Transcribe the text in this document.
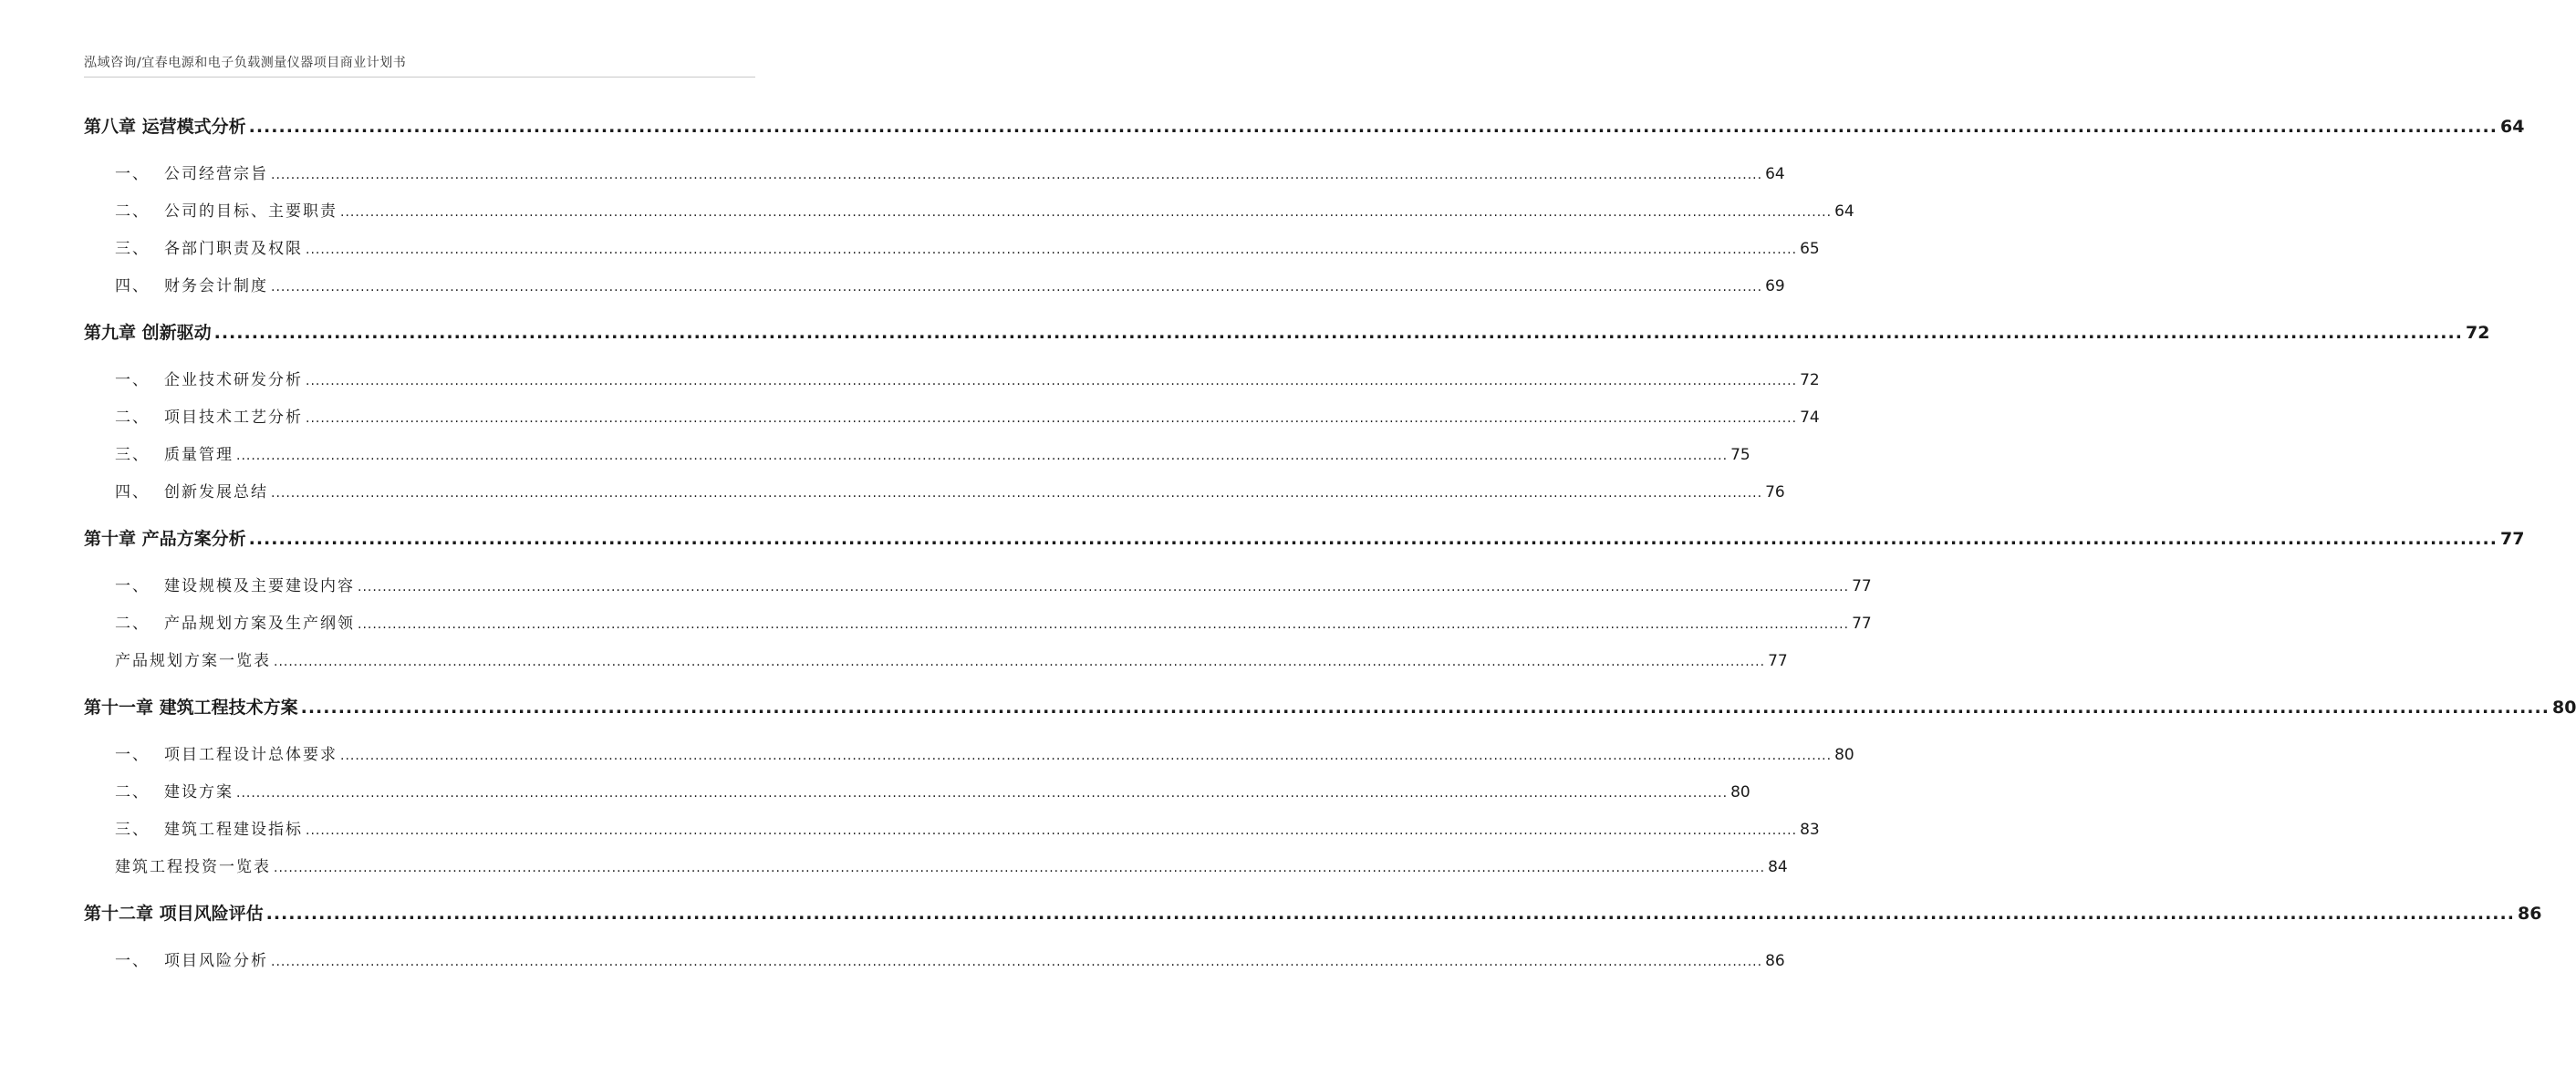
泓域咨询/宜春电源和电子负载测量仪器项目商业计划书
第八章 运营模式分析 ............................................................................................................................................................................................................................................................................................................ 64
一、 公司经营宗旨 ............................................................................................................................................................................................................................................................................................................ 64
二、 公司的目标、主要职责 ............................................................................................................................................................................................................................................................................................................ 64
三、 各部门职责及权限 ............................................................................................................................................................................................................................................................................................................ 65
四、 财务会计制度 ............................................................................................................................................................................................................................................................................................................ 69
第九章 创新驱动 ............................................................................................................................................................................................................................................................................................................ 72
一、 企业技术研发分析 ............................................................................................................................................................................................................................................................................................................ 72
二、 项目技术工艺分析 ............................................................................................................................................................................................................................................................................................................ 74
三、 质量管理 ............................................................................................................................................................................................................................................................................................................ 75
四、 创新发展总结 ............................................................................................................................................................................................................................................................................................................ 76
第十章 产品方案分析 ............................................................................................................................................................................................................................................................................................................ 77
一、 建设规模及主要建设内容 ............................................................................................................................................................................................................................................................................................................ 77
二、 产品规划方案及生产纲领 ............................................................................................................................................................................................................................................................................................................ 77
产品规划方案一览表 ............................................................................................................................................................................................................................................................................................................ 77
第十一章 建筑工程技术方案 ............................................................................................................................................................................................................................................................................................................ 80
一、 项目工程设计总体要求 ............................................................................................................................................................................................................................................................................................................ 80
二、 建设方案 ............................................................................................................................................................................................................................................................................................................ 80
三、 建筑工程建设指标 ............................................................................................................................................................................................................................................................................................................ 83
建筑工程投资一览表 ............................................................................................................................................................................................................................................................................................................ 84
第十二章 项目风险评估 ............................................................................................................................................................................................................................................................................................................ 86
一、 项目风险分析 ............................................................................................................................................................................................................................................................................................................ 86
